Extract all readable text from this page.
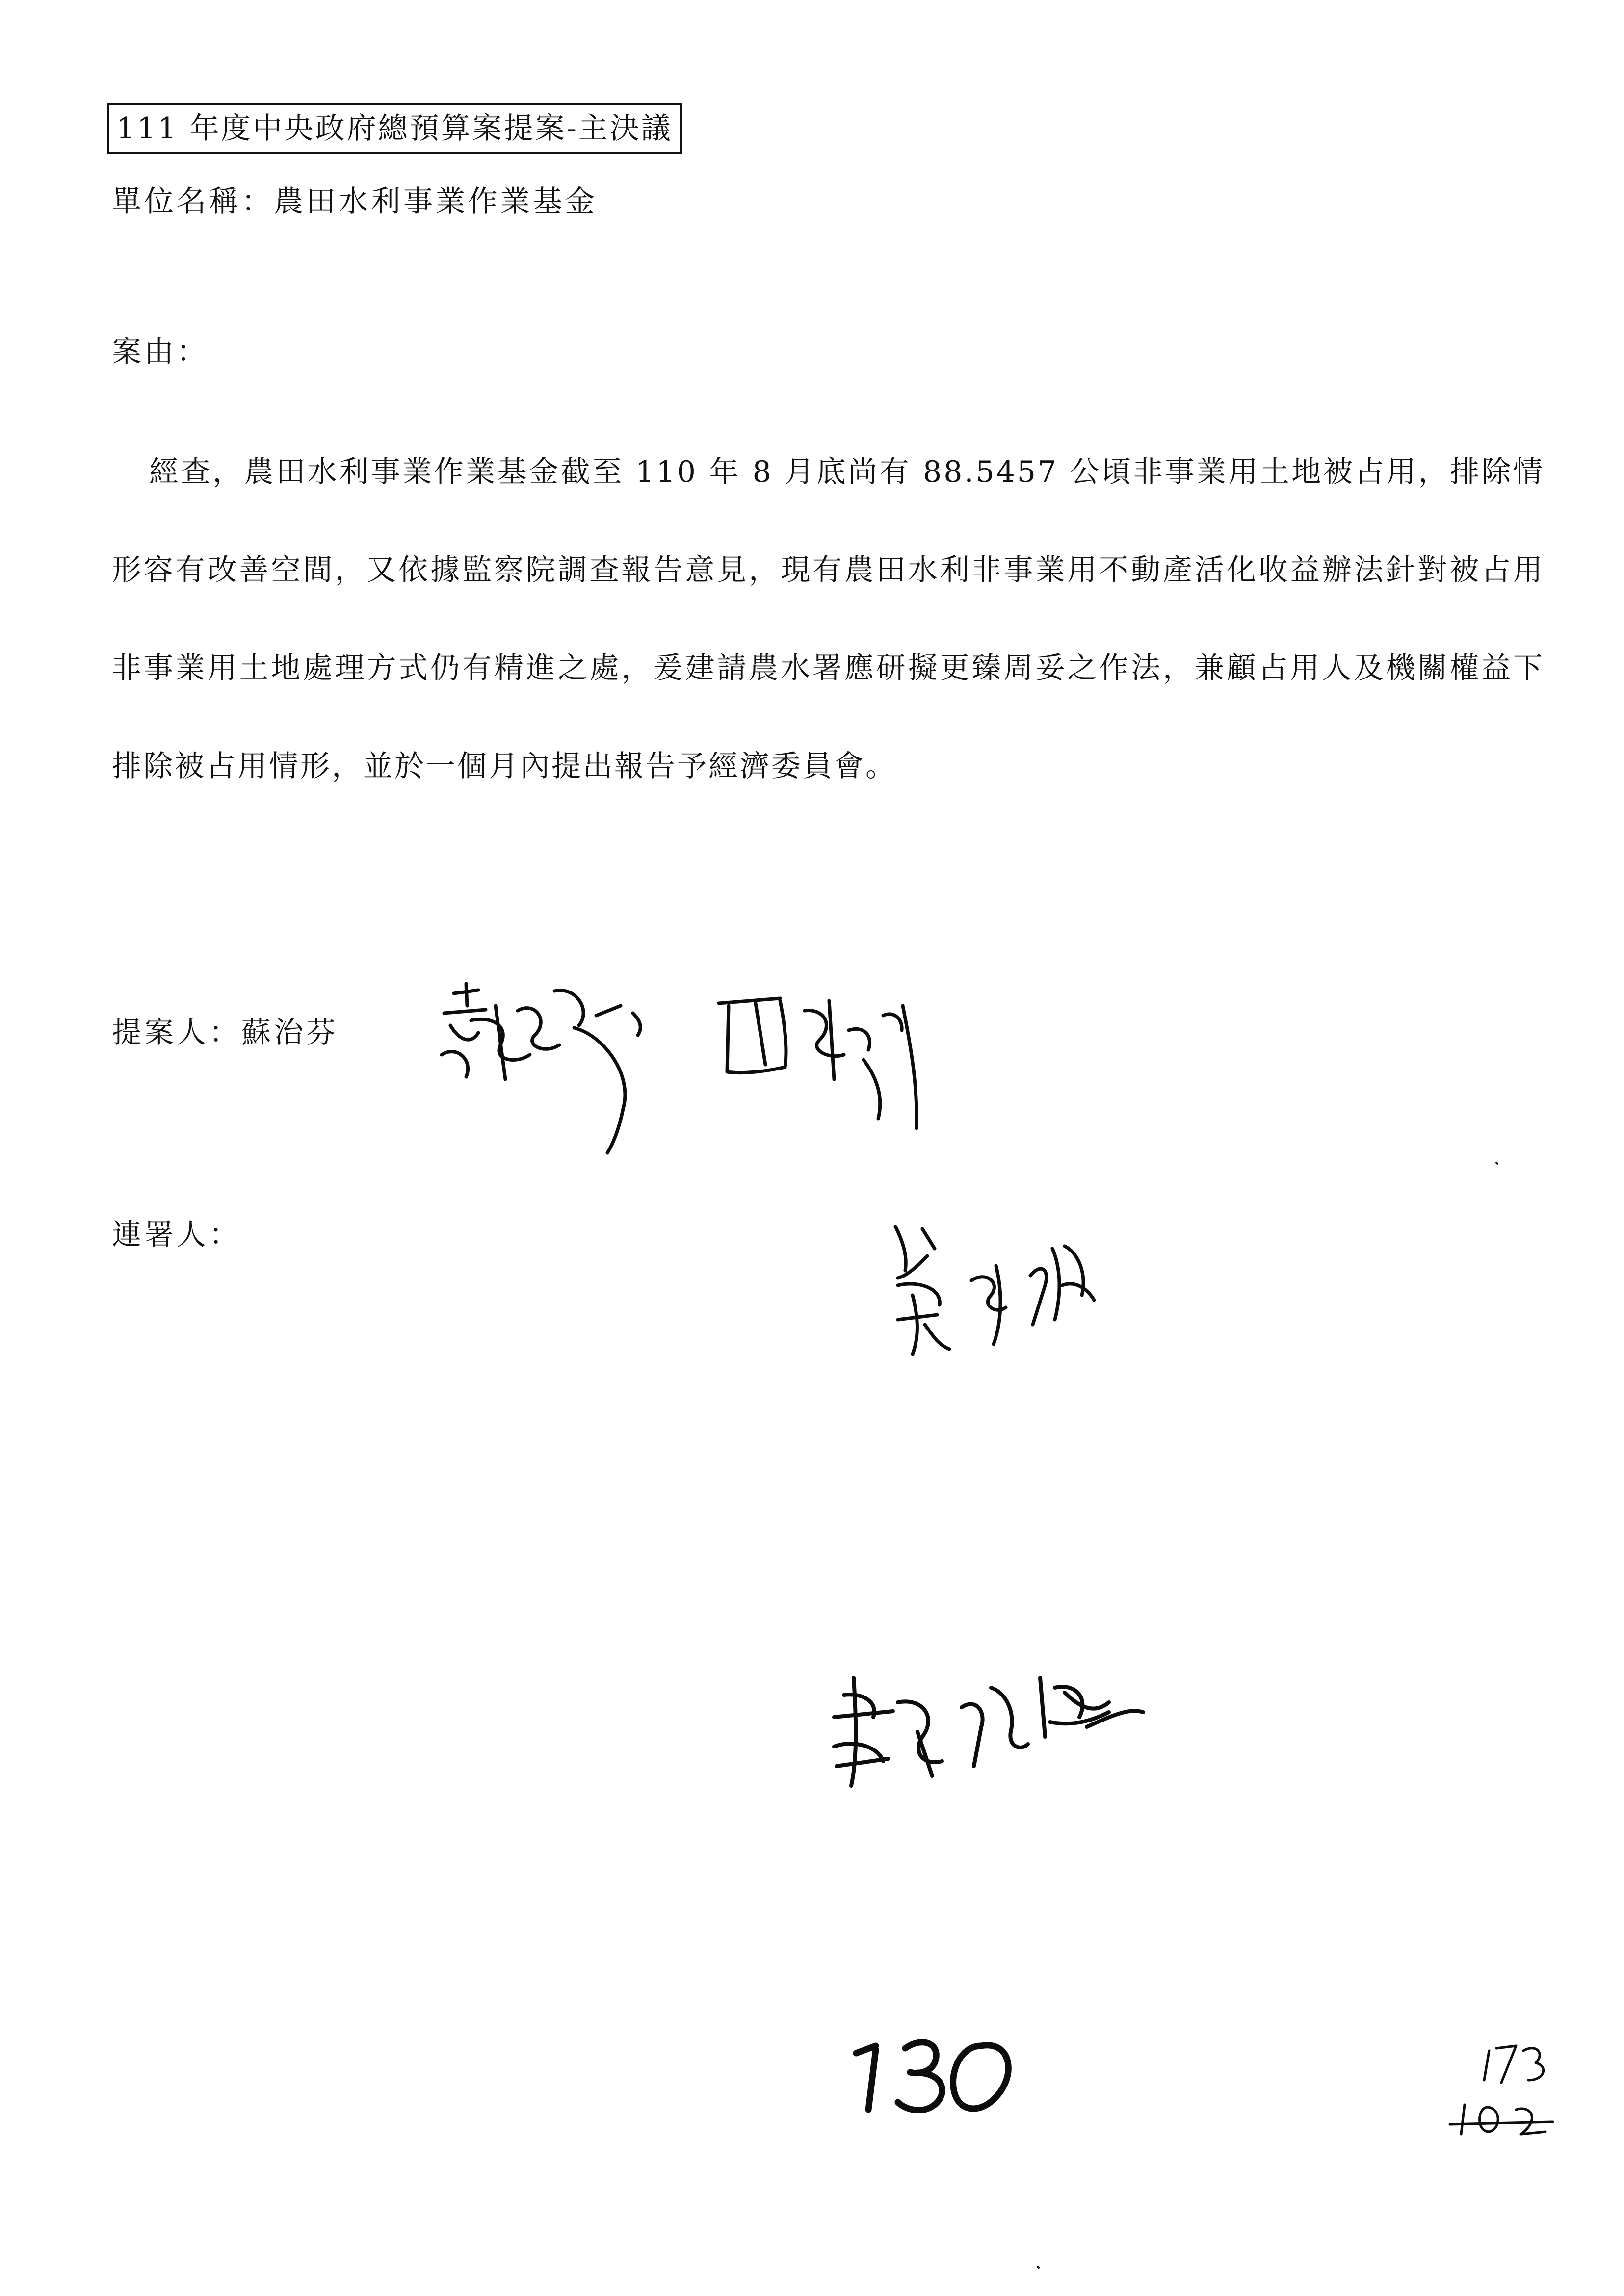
111 年度中央政府總預算案提案-主決議
單位名稱：農田水利事業作業基金
案由：

經查，農田水利事業作業基金截至 110 年 8 月底尚有 88.5457 公頃非事業用土地被占用，排除情形容有改善空間，又依據監察院調查報告意見，現有農田水利非事業用不動產活化收益辦法針對被占用非事業用土地處理方式仍有精進之處，爰建請農水署應研擬更臻周妥之作法，兼顧占用人及機關權益下排除被占用情形，並於一個月內提出報告予經濟委員會。

提案人：蘇治芬
連署人：
